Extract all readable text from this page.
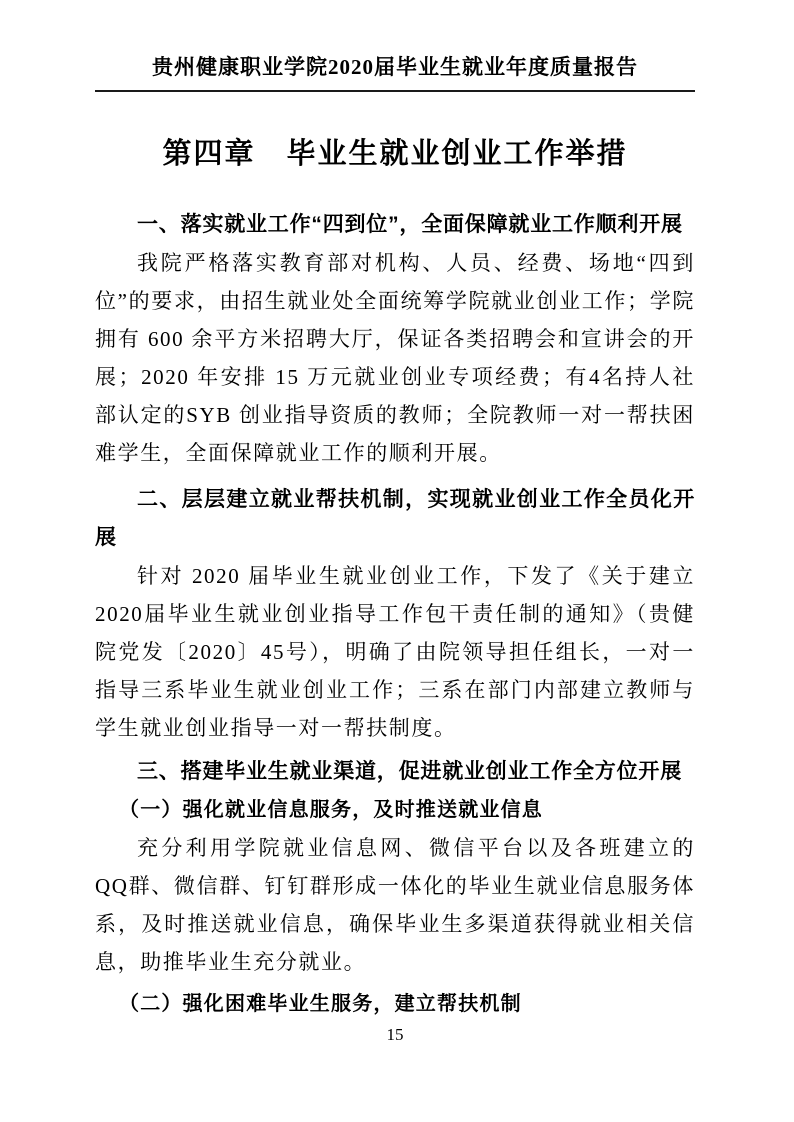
贵州健康职业学院2020届毕业生就业年度质量报告
第四章　毕业生就业创业工作举措
一、落实就业工作“四到位”，全面保障就业工作顺利开展

我院严格落实教育部对机构、人员、经费、场地“四到位”的要求，由招生就业处全面统筹学院就业创业工作；学院拥有 600 余平方米招聘大厅，保证各类招聘会和宣讲会的开展；2020 年安排 15 万元就业创业专项经费；有4名持人社部认定的SYB 创业指导资质的教师；全院教师一对一帮扶困难学生，全面保障就业工作的顺利开展。

二、层层建立就业帮扶机制，实现就业创业工作全员化开展

针对 2020 届毕业生就业创业工作，下发了《关于建立2020届毕业生就业创业指导工作包干责任制的通知》（贵健院党发〔2020〕45号），明确了由院领导担任组长，一对一指导三系毕业生就业创业工作；三系在部门内部建立教师与学生就业创业指导一对一帮扶制度。

三、搭建毕业生就业渠道，促进就业创业工作全方位开展
（一）强化就业信息服务，及时推送就业信息

充分利用学院就业信息网、微信平台以及各班建立的 QQ群、微信群、钉钉群形成一体化的毕业生就业信息服务体系，及时推送就业信息，确保毕业生多渠道获得就业相关信息，助推毕业生充分就业。

（二）强化困难毕业生服务，建立帮扶机制
15
